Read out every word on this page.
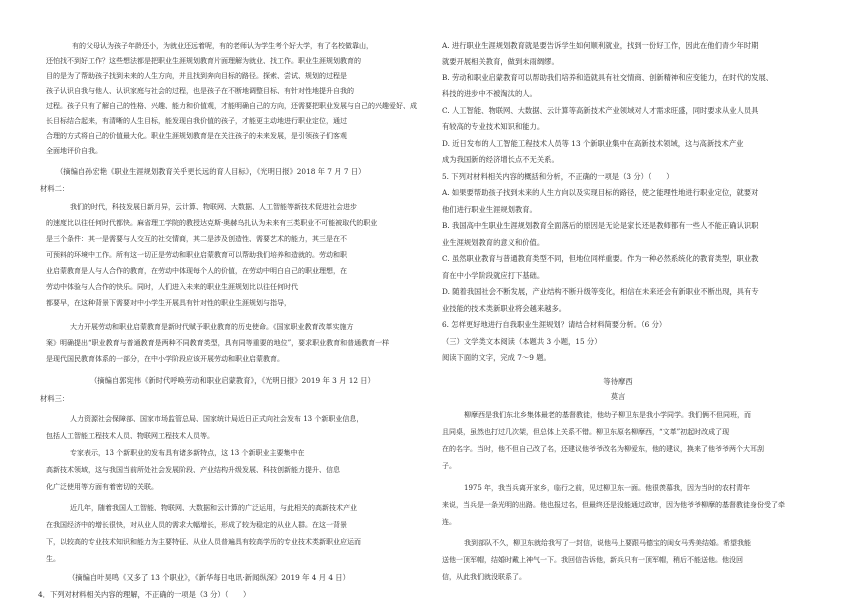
有的父母认为孩子年龄还小，为就业还远着呢，有的老师认为学生考个好大学，有了名校做靠山，
还怕找不到好工作？这些想法都是把职业生涯规划教育片面理解为就业、找工作。职业生涯规划教育的
目的是为了帮助孩子找到未来的人生方向，并且找到奔向目标的路径。探索、尝试、规划的过程是
孩子认识自我与他人、认识家庭与社会的过程，也是孩子在不断地调整目标、有针对性地提升自我的
过程。孩子只有了解自己的性格、兴趣、能力和价值观，才能明确自己的方向，还需要把职业发展与自己的兴趣爱好、成
长目标结合起来，有清晰的人生目标，能发现自我价值的孩子，才能更主动地进行职业定位，通过
合理的方式将自己的价值最大化。职业生涯规划教育是在关注孩子的未来发展，是引领孩子们客观
全面地评价自我。
（摘编自孙宏艳《职业生涯规划教育关乎更长远的育人目标》，《光明日报》2018 年 7 月 7 日）
材料二：
我们的时代，科技发展日新月异，云计算、物联网、大数据、人工智能等新技术促进社会进步
的速度比以往任何时代都快。麻省理工学院的教授达克斯·奥赫乌扎认为未来有三类职业不可能被取代的职业
是三个条件：其一是需要与人交互的社交情商，其二是涉及创造性、需要艺术的能力，其三是在不
可预料的环境中工作。所有这一切正是劳动和职业启蒙教育可以帮助我们培养和造就的。劳动和职
业启蒙教育是人与人合作的教育，在劳动中体现每个人的价值，在劳动中明白自己的职业理想，在
劳动中体验与人合作的快乐。同时，人们进入未来的职业生涯规划比以往任何时代
都要早，在这种背景下需要对中小学生开展具有针对性的职业生涯规划与指导，
大力开展劳动和职业启蒙教育是新时代赋予职业教育的历史使命。《国家职业教育改革实施方
案》明确提出“职业教育与普通教育是两种不同教育类型，具有同等重要的地位”，要求职业教育和普通教育一样
是现代国民教育体系的一部分，在中小学阶段应该开展劳动和职业启蒙教育。
（摘编自郭宪伟《新时代呼唤劳动和职业启蒙教育》，《光明日报》2019 年 3 月 12 日）
材料三：
人力资源社会保障部、国家市场监管总局、国家统计局近日正式向社会发布 13 个新职业信息，
包括人工智能工程技术人员、物联网工程技术人员等。
专家表示，13 个新职业的发布具有诸多新特点，这 13 个新职业主要集中在
高新技术领域，这与我国当前所处社会发展阶段、产业结构升级发展、科技创新能力提升、信息
化广泛使用等方面有着密切的关联。
近几年，随着我国人工智能、物联网、大数据和云计算的广泛运用，与此相关的高新技术产业
在我国经济中的增长很快，对从业人员的需求大幅增长，形成了较为稳定的从业人群。在这一背景
下，以较高的专业技术知识和能力为主要特征、从业人员普遍具有较高学历的专业技术类新职业应运而
生。
（摘编自叶昊鸣《又多了 13 个职业》，《新华每日电讯·新闻纵深》2019 年 4 月 4 日）
4．下列对材料相关内容的理解，不正确的一项是（3 分）（　　）
A. 进行职业生涯规划教育就是要告诉学生如何顺利就业，找到一份好工作，因此在他们青少年时期
就要开展相关教育，做到未雨绸缪。
B. 劳动和职业启蒙教育可以帮助我们培养和造就具有社交情商、创新精神和应变能力，在时代的发展、
科技的进步中不被淘汰的人。
C. 人工智能、物联网、大数据、云计算等高新技术产业领域对人才需求旺盛，同时要求从业人员具
有较高的专业技术知识和能力。
D. 近日发布的人工智能工程技术人员等 13 个新职业集中在高新技术领域，这与高新技术产业
成为我国新的经济增长点不无关系。
5. 下列对材料相关内容的概括和分析，不正确的一项是（3 分）（　　）
A. 如果要帮助孩子找到未来的人生方向以及实现目标的路径，使之能理性地进行职业定位，就要对
他们进行职业生涯规划教育。
B. 我国高中生职业生涯规划教育全面落后的原因是无论是家长还是教师都有一些人不能正确认识职
业生涯规划教育的意义和价值。
C. 虽然职业教育与普通教育类型不同，但地位同样重要。作为一种必然系统化的教育类型，职业教
育在中小学阶段就应打下基础。
D. 随着我国社会不断发展，产业结构不断升级等变化，相信在未来还会有新职业不断出现，具有专
业技能的技术类新职业将会越来越多。
6. 怎样更好地进行自我职业生涯规划？请结合材料简要分析。（6 分）
（三）文学类文本阅读（本题共 3 小题，15 分）
阅读下面的文字，完成 7～9 题。
等待摩西
莫言
柳摩西是我们东北乡集体最老的基督教徒，他幼子柳卫东是我小学同学。我们俩不但同班，而
且同桌，虽然也打过几次架，但总体上关系不错。柳卫东原名柳摩西，“文革”初起时改成了现
在的名字。当时，他不但自己改了名，还建议他爷爷改名为柳爱东，他的建议，换来了他爷爷两个大耳刮
子。
1975 年，我当兵离开家乡，临行之前，见过柳卫东一面。他很羡慕我，因为当时的农村青年
来说，当兵是一条光明的出路。他也报过名，但最终还是没能通过政审，因为他爷爷柳摩的基督教徒身份受了牵
连。
我到部队不久，柳卫东就给我写了一封信，说他马上要跟马德宝的闺女马秀美结婚。希望我能
送他一顶军帽，结婚时戴上神气一下。我回信告诉他，新兵只有一顶军帽，稍后不能送他。他没回
信，从此我们就没联系了。
